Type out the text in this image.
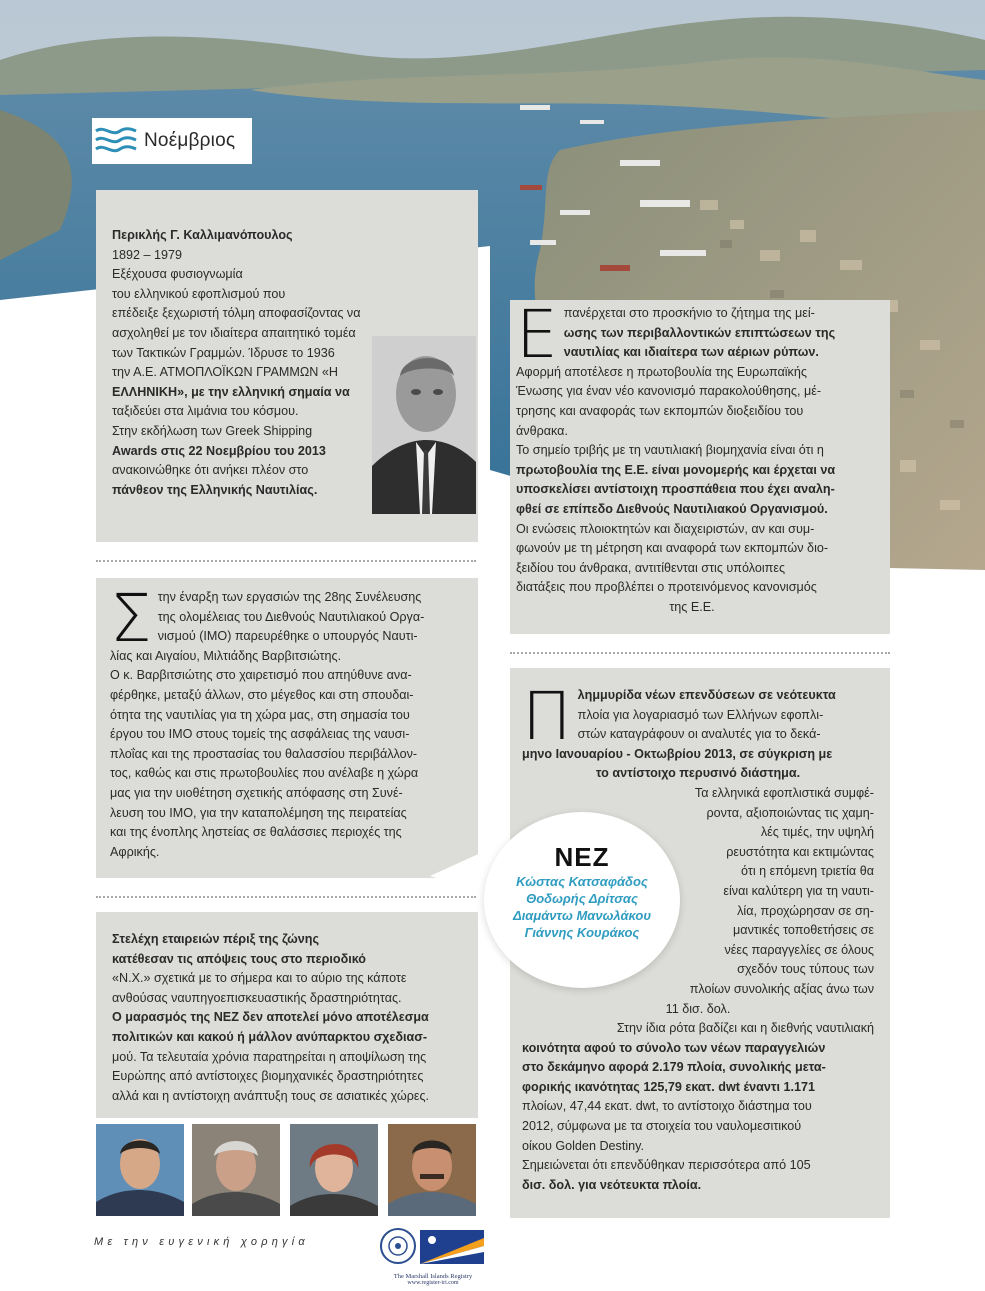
Νοέμβριος
Περικλής Γ. Καλλιμανόπουλος
1892 – 1979
Εξέχουσα φυσιογνωμία
του ελληνικού εφοπλισμού που
επέδειξε ξεχωριστή τόλμη αποφασίζοντας να
ασχοληθεί με τον ιδιαίτερα απαιτητικό τομέα
των Τακτικών Γραμμών. Ίδρυσε το 1936
την Α.Ε. ΑΤΜΟΠΛΟΪΚΩΝ ΓΡΑΜΜΩΝ «Η
ΕΛΛΗΝΙΚΗ», με την ελληνική σημαία να
ταξιδεύει στα λιμάνια του κόσμου.
Στην εκδήλωση των Greek Shipping
Awards στις 22 Νοεμβρίου του 2013
ανακοινώθηκε ότι ανήκει πλέον στο
πάνθεον της Ελληνικής Ναυτιλίας.
Σ την έναρξη των εργασιών της 28ης Συνέλευσης
της ολομέλειας του Διεθνούς Ναυτιλιακού Οργα-
νισμού (ΙΜΟ) παρευρέθηκε ο υπουργός Ναυτι-
λίας και Αιγαίου, Μιλτιάδης Βαρβιτσιώτης.
Ο κ. Βαρβιτσιώτης στο χαιρετισμό που απηύθυνε ανα-
φέρθηκε, μεταξύ άλλων, στο μέγεθος και στη σπουδαι-
ότητα της ναυτιλίας για τη χώρα μας, στη σημασία του
έργου του ΙΜΟ στους τομείς της ασφάλειας της ναυσι-
πλοΐας και της προστασίας του θαλασσίου περιβάλλον-
τος, καθώς και στις πρωτοβουλίες που ανέλαβε η χώρα
μας για την υιοθέτηση σχετικής απόφασης στη Συνέ-
λευση του ΙΜΟ, για την καταπολέμηση της πειρατείας
και της ένοπλης ληστείας σε θαλάσσιες περιοχές της
Αφρικής.
Στελέχη εταιρειών πέριξ της ζώνης
κατέθεσαν τις απόψεις τους στο περιοδικό
«Ν.Χ.» σχετικά με το σήμερα και το αύριο της κάποτε
ανθούσας ναυπηγοεπισκευαστικής δραστηριότητας.
Ο μαρασμός της ΝΕΖ δεν αποτελεί μόνο αποτέλεσμα
πολιτικών και κακού ή μάλλον ανύπαρκτου σχεδιασ-
μού. Τα τελευταία χρόνια παρατηρείται η αποψίλωση της
Ευρώπης από αντίστοιχες βιομηχανικές δραστηριότητες
αλλά και η αντίστοιχη ανάπτυξη τους σε ασιατικές χώρες.
Ε πανέρχεται στο προσκήνιο το ζήτημα της μεί-
ωσης των περιβαλλοντικών επιπτώσεων της
ναυτιλίας και ιδιαίτερα των αέριων ρύπων.
Αφορμή αποτέλεσε η πρωτοβουλία της Ευρωπαϊκής
Ένωσης για έναν νέο κανονισμό παρακολούθησης, μέ-
τρησης και αναφοράς των εκπομπών διοξειδίου του
άνθρακα.
Το σημείο τριβής με τη ναυτιλιακή βιομηχανία είναι ότι η
πρωτοβουλία της Ε.Ε. είναι μονομερής και έρχεται να
υποσκελίσει αντίστοιχη προσπάθεια που έχει αναλη-
φθεί σε επίπεδο Διεθνούς Ναυτιλιακού Οργανισμού.
Οι ενώσεις πλοιοκτητών και διαχειριστών, αν και συμ-
φωνούν με τη μέτρηση και αναφορά των εκπομπών διο-
ξειδίου του άνθρακα, αντιτίθενται στις υπόλοιπες
διατάξεις που προβλέπει ο προτεινόμενος κανονισμός
της Ε.Ε.
Π λημμυρίδα νέων επενδύσεων σε νεότευκτα
πλοία για λογαριασμό των Ελλήνων εφοπλι-
στών καταγράφουν οι αναλυτές για το δεκά-
μηνο Ιανουαρίου - Οκτωβρίου 2013, σε σύγκριση με
το αντίστοιχο περυσινό διάστημα.
Τα ελληνικά εφοπλιστικά συμφέ-
ροντα, αξιοποιώντας τις χαμη-
λές τιμές, την υψηλή
ρευστότητα και εκτιμώντας
ότι η επόμενη τριετία θα
είναι καλύτερη για τη ναυτι-
λία, προχώρησαν σε ση-
μαντικές τοποθετήσεις σε
νέες παραγγελίες σε όλους
σχεδόν τους τύπους των
πλοίων συνολικής αξίας άνω των
11 δισ. δολ.
Στην ίδια ρότα βαδίζει και η διεθνής ναυτιλιακή
κοινότητα αφού το σύνολο των νέων παραγγελιών
στο δεκάμηνο αφορά 2.179 πλοία, συνολικής μετα-
φορικής ικανότητας 125,79 εκατ. dwt έναντι 1.171
πλοίων, 47,44 εκατ. dwt, το αντίστοιχο διάστημα του
2012, σύμφωνα με τα στοιχεία του ναυλομεσιτικού
οίκου Golden Destiny.
Σημειώνεται ότι επενδύθηκαν περισσότερα από 105
δισ. δολ. για νεότευκτα πλοία.
ΝΕΖ
Κώστας Κατσαφάδος
Θοδωρής Δρίτσας
Διαμάντω Μανωλάκου
Γιάννης Κουράκος
Με την ευγενική χορηγία
The Marshall Islands Registry
www.register-iri.com
